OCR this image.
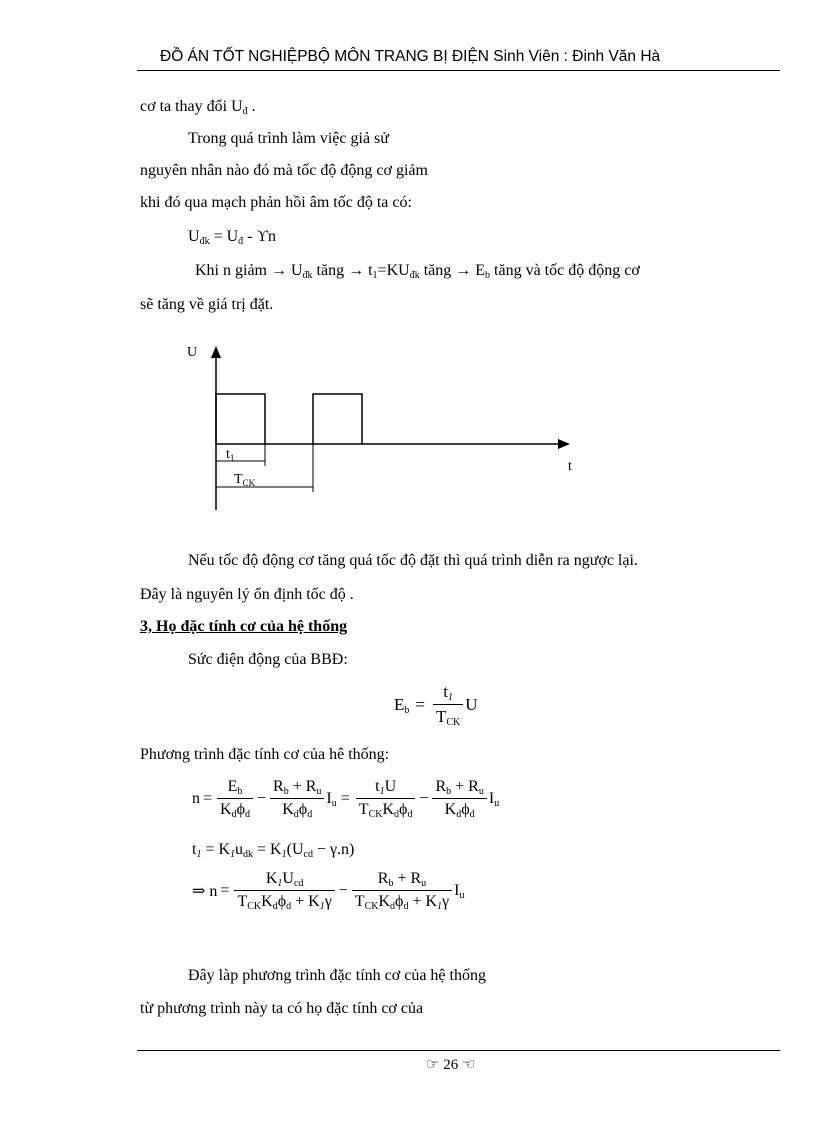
ĐỒ ÁN TỐT NGHIỆPBỘ MÔN TRANG BỊ ĐIỆN Sinh Viên : Đinh Văn Hà
cơ ta thay đổi $U_đ$ .
Trong quá trình làm việc giả sử
nguyên nhân nào đó mà tốc độ động cơ giảm
khi đó qua mạch phản hồi âm tốc độ ta có:
$U_{đk} = U_đ - ϒn$
Khi n giảm → $U_{đk}$ tăng → $t_1=KU_{đk}$ tăng → $E_b$ tăng và tốc độ động cơ
sẽ tăng về giá trị đặt.
U
t
$t_1$
$T_{CK}$
Nếu tốc độ động cơ tăng quá tốc độ đặt thì quá trình diễn ra ngược lại.
Đây là nguyên lý ổn định tốc độ .
3, Họ đặc tính cơ của hệ thống
Sức điện động của BBĐ:
$E_b = \frac{t_1}{T_{CK}}$ U
Phương trình đặc tính cơ của hê thống:
$n = \frac{E_b}{K_d\phi_d} - \frac{R_b + R_u}{K_d\phi_d} I_u = \frac{t_1U}{T_{CK}K_d\phi_d} - \frac{R_b + R_u}{K_d\phi_d} I_u$
$t_1 = K_1u_{dk} = K_1(U_{cd} - \gamma.n)$
⇒ $n = \frac{K_1U_{cd}}{T_{CK}K_d\phi_d + K_1\gamma} - \frac{R_b + R_u}{T_{CK}K_d\phi_d + K_1\gamma} I_u$
Đây làp phương trình đặc tính cơ của hệ thống
từ phương trình này ta có họ đặc tính cơ của
☞ 26 ☜
